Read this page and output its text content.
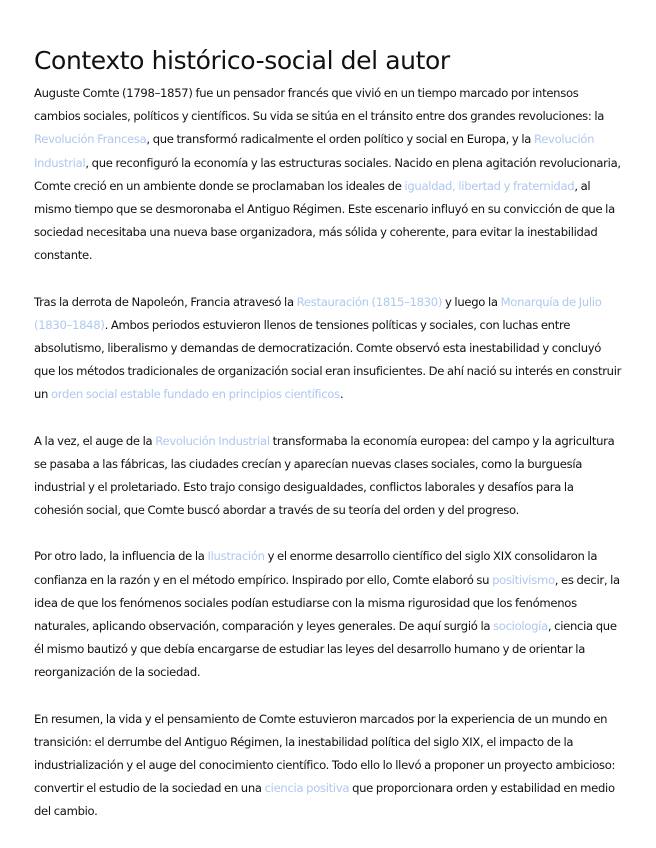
Contexto histórico-social del autor

Auguste Comte (1798–1857) fue un pensador francés que vivió en un tiempo marcado por intensos cambios sociales, políticos y científicos. Su vida se sitúa en el tránsito entre dos grandes revoluciones: la Revolución Francesa, que transformó radicalmente el orden político y social en Europa, y la Revolución Industrial, que reconfiguró la economía y las estructuras sociales. Nacido en plena agitación revolucionaria, Comte creció en un ambiente donde se proclamaban los ideales de igualdad, libertad y fraternidad, al mismo tiempo que se desmoronaba el Antiguo Régimen. Este escenario influyó en su convicción de que la sociedad necesitaba una nueva base organizadora, más sólida y coherente, para evitar la inestabilidad constante.

Tras la derrota de Napoleón, Francia atravesó la Restauración (1815–1830) y luego la Monarquía de Julio (1830–1848). Ambos periodos estuvieron llenos de tensiones políticas y sociales, con luchas entre absolutismo, liberalismo y demandas de democratización. Comte observó esta inestabilidad y concluyó que los métodos tradicionales de organización social eran insuficientes. De ahí nació su interés en construir un orden social estable fundado en principios científicos.

A la vez, el auge de la Revolución Industrial transformaba la economía europea: del campo y la agricultura se pasaba a las fábricas, las ciudades crecían y aparecían nuevas clases sociales, como la burguesía industrial y el proletariado. Esto trajo consigo desigualdades, conflictos laborales y desafíos para la cohesión social, que Comte buscó abordar a través de su teoría del orden y del progreso.

Por otro lado, la influencia de la Ilustración y el enorme desarrollo científico del siglo XIX consolidaron la confianza en la razón y en el método empírico. Inspirado por ello, Comte elaboró su positivismo, es decir, la idea de que los fenómenos sociales podían estudiarse con la misma rigurosidad que los fenómenos naturales, aplicando observación, comparación y leyes generales. De aquí surgió la sociología, ciencia que él mismo bautizó y que debía encargarse de estudiar las leyes del desarrollo humano y de orientar la reorganización de la sociedad.

En resumen, la vida y el pensamiento de Comte estuvieron marcados por la experiencia de un mundo en transición: el derrumbe del Antiguo Régimen, la inestabilidad política del siglo XIX, el impacto de la industrialización y el auge del conocimiento científico. Todo ello lo llevó a proponer un proyecto ambicioso: convertir el estudio de la sociedad en una ciencia positiva que proporcionara orden y estabilidad en medio del cambio.
